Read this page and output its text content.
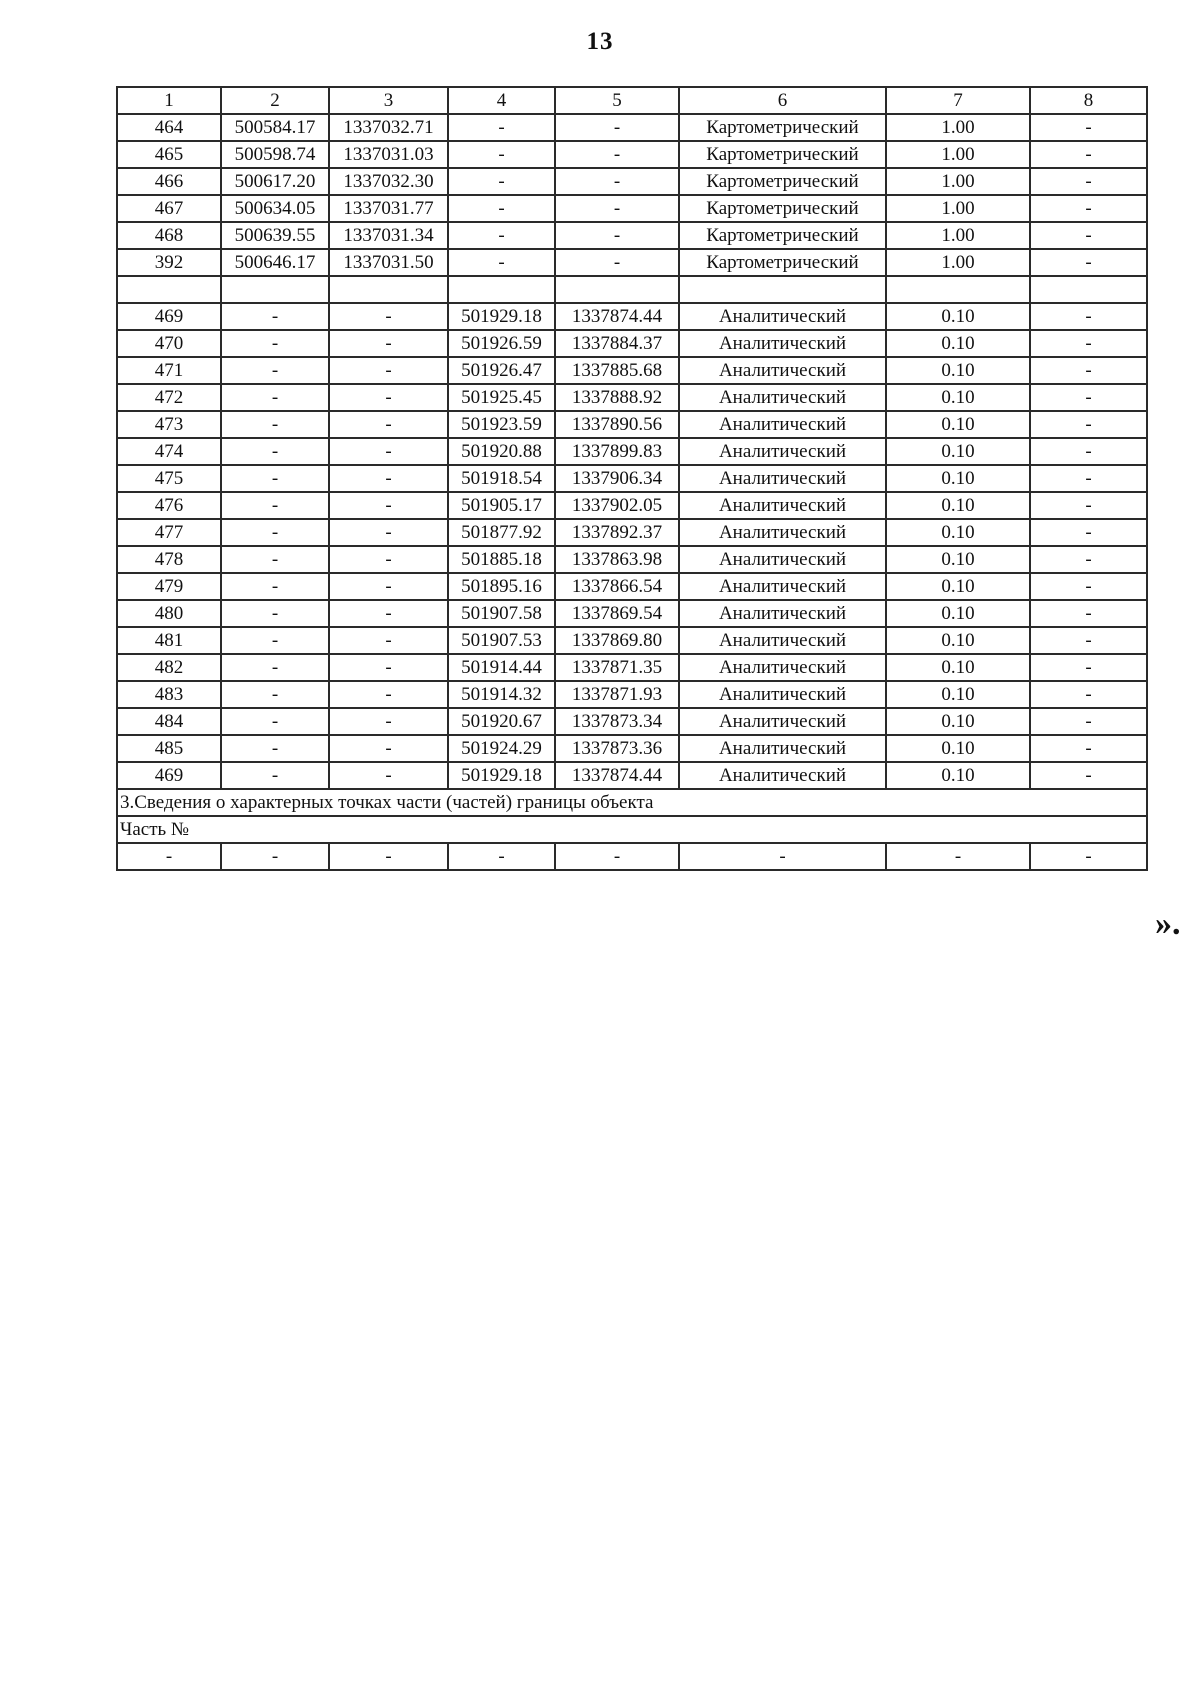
13
1	2	3	4	5	6	7	8
464	500584.17	1337032.71	-	-	Картометрический	1.00	-
465	500598.74	1337031.03	-	-	Картометрический	1.00	-
466	500617.20	1337032.30	-	-	Картометрический	1.00	-
467	500634.05	1337031.77	-	-	Картометрический	1.00	-
468	500639.55	1337031.34	-	-	Картометрический	1.00	-
392	500646.17	1337031.50	-	-	Картометрический	1.00	-

469	-	-	501929.18	1337874.44	Аналитический	0.10	-
470	-	-	501926.59	1337884.37	Аналитический	0.10	-
471	-	-	501926.47	1337885.68	Аналитический	0.10	-
472	-	-	501925.45	1337888.92	Аналитический	0.10	-
473	-	-	501923.59	1337890.56	Аналитический	0.10	-
474	-	-	501920.88	1337899.83	Аналитический	0.10	-
475	-	-	501918.54	1337906.34	Аналитический	0.10	-
476	-	-	501905.17	1337902.05	Аналитический	0.10	-
477	-	-	501877.92	1337892.37	Аналитический	0.10	-
478	-	-	501885.18	1337863.98	Аналитический	0.10	-
479	-	-	501895.16	1337866.54	Аналитический	0.10	-
480	-	-	501907.58	1337869.54	Аналитический	0.10	-
481	-	-	501907.53	1337869.80	Аналитический	0.10	-
482	-	-	501914.44	1337871.35	Аналитический	0.10	-
483	-	-	501914.32	1337871.93	Аналитический	0.10	-
484	-	-	501920.67	1337873.34	Аналитический	0.10	-
485	-	-	501924.29	1337873.36	Аналитический	0.10	-
469	-	-	501929.18	1337874.44	Аналитический	0.10	-
3.Сведения о характерных точках части (частей) границы объекта							
Часть №							
-	-	-	-	-	-	-	-
».
